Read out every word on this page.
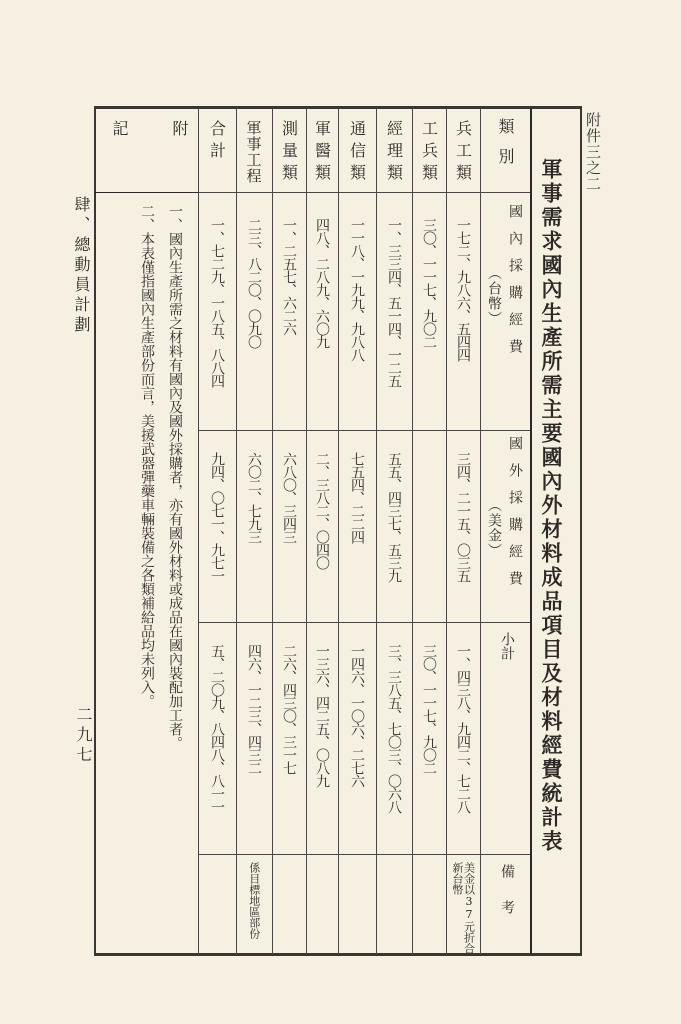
附件三之二
肆、總動員計劃
二九七	軍事需求國內生產所需主要國內外材料成品項目及材料經費統計表
類別
國內採購經費
（台幣）
國外採購經費
（美金）
小計
備考
兵工類
一七二、九八六、五四四
三四、二一五、〇三五
一、四三八、九四二、七二八
美金以37元折合新台幣
工兵類
三〇、一一七、九〇二
三〇、一一七、九〇二
經理類
一、三三四、五一四、一二五
五五、四三七、五三九
三、三八五、七〇三、〇六八
通信類
一一八、一九九、九八八
七五四、二二四
一四六、一〇六、二七六
軍醫類
四八、二八九、六〇九
二、三八二、〇四〇
一三六、四二五、〇八九
測量類
一、二五七、六二六
六八〇、三四三
二六、四三〇、三一七
軍事工程
二三、八二〇、〇九〇
六〇二、七九三
四六、一二三、四三二
係目標地區部份
合計
一、七二九、一八五、八八四
九四、〇七一、九七一
五、二〇九、八四八、八一一
附
記
一、國內生產所需之材料有國內及國外採購者，亦有國外材料或成品在國內裝配加工者。
二、本表僅指國內生產部份而言，美援武器彈藥車輛裝備之各類補給品均未列入。
